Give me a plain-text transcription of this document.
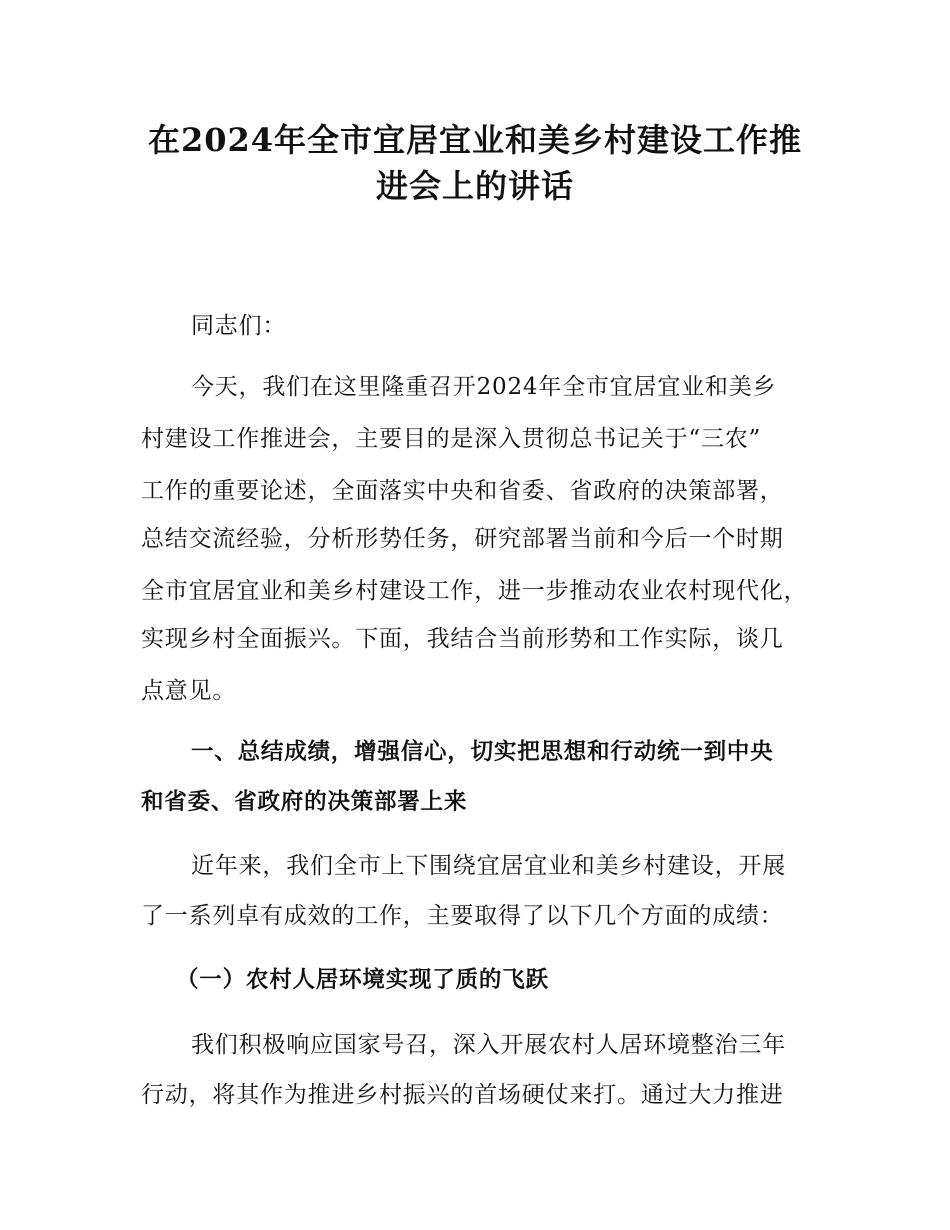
在2024年全市宜居宜业和美乡村建设工作推
进会上的讲话

同志们：

今天，我们在这里隆重召开2024年全市宜居宜业和美乡

村建设工作推进会，主要目的是深入贯彻总书记关于“三农”

工作的重要论述，全面落实中央和省委、省政府的决策部署，

总结交流经验，分析形势任务，研究部署当前和今后一个时期

全市宜居宜业和美乡村建设工作，进一步推动农业农村现代化，

实现乡村全面振兴。下面，我结合当前形势和工作实际，谈几

点意见。

一、总结成绩，增强信心，切实把思想和行动统一到中央

和省委、省政府的决策部署上来

近年来，我们全市上下围绕宜居宜业和美乡村建设，开展

了一系列卓有成效的工作，主要取得了以下几个方面的成绩：

（一）农村人居环境实现了质的飞跃

我们积极响应国家号召，深入开展农村人居环境整治三年

行动，将其作为推进乡村振兴的首场硬仗来打。通过大力推进
